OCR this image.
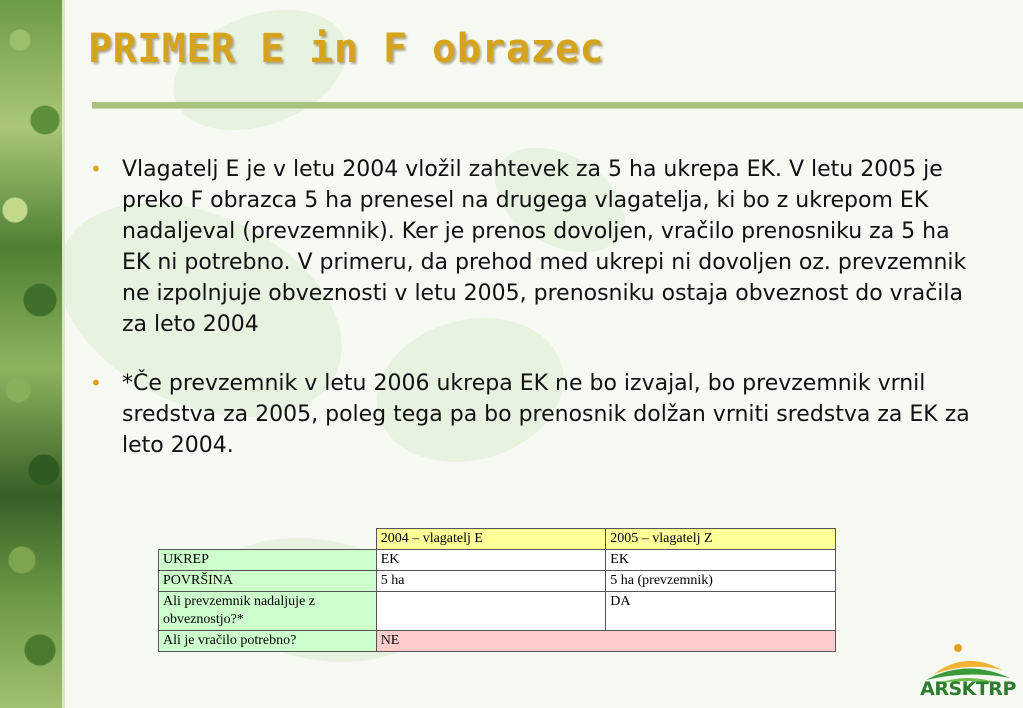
PRIMER E in F obrazec
• Vlagatelj E je v letu 2004 vložil zahtevek za 5 ha ukrepa EK. V letu 2005 je preko F obrazca 5 ha prenesel na drugega vlagatelja, ki bo z ukrepom EK nadaljeval (prevzemnik). Ker je prenos dovoljen, vračilo prenosniku za 5 ha EK ni potrebno. V primeru, da prehod med ukrepi ni dovoljen oz. prevzemnik ne izpolnjuje obveznosti v letu 2005, prenosniku ostaja obveznost do vračila za leto 2004
• *Če prevzemnik v letu 2006 ukrepa EK ne bo izvajal, bo prevzemnik vrnil sredstva za 2005, poleg tega pa bo prenosnik dolžan vrniti sredstva za EK za leto 2004.
	2004 – vlagatelj E	2005 – vlagatelj Z
UKREP	EK	EK
POVRŠINA	5 ha	5 ha (prevzemnik)
Ali prevzemnik nadaljuje z obveznostjo?*		DA
Ali je vračilo potrebno?	NE	
ARSKTRP
